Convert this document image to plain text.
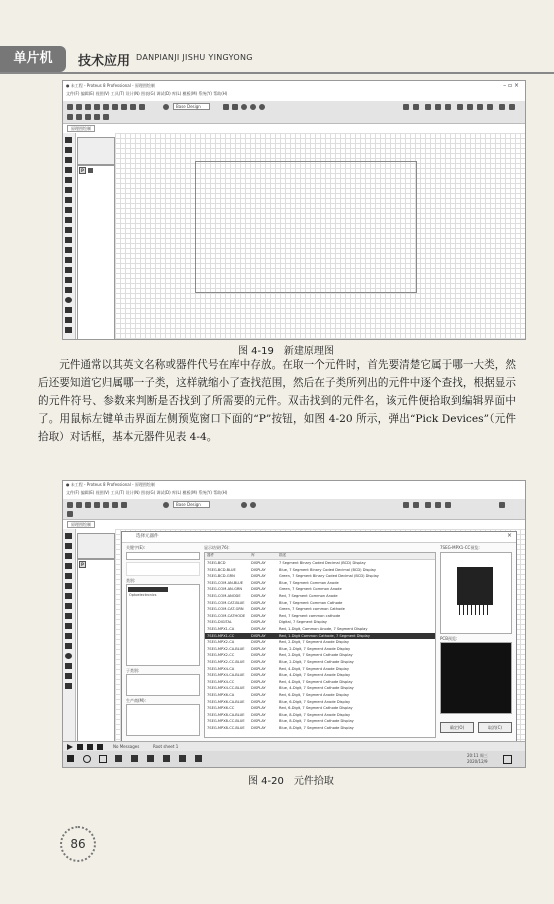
单片机	技术应用 DANPIANJI JISHU YINGYONG
● 未工程 - Proteus 8 Professional - 原理图绘制
文件(F) 编辑(E) 视图(V) 工具(T) 设计(N) 图表(G) 调试(D) 库(L) 模板(M) 系统(Y) 帮助(H)
– ▫ ×
Base Design
原理图绘制
P
图 4-19　新建原理图

元件通常以其英文名称或器件代号在库中存放。在取一个元件时，首先要清楚它属于哪一大类，然后还要知道它归属哪一子类，这样就缩小了查找范围，然后在子类所列出的元件中逐个查找，根据显示的元件符号、参数来判断是否找到了所需要的元件。双击找到的元件名，该元件便拾取到编辑界面中了。用鼠标左键单击界面左侧预览窗口下面的“P”按钮，如图 4-20 所示，弹出“Pick Devices”（元件拾取）对话框，基本元器件见表 4-4。

● 未工程 - Proteus 8 Professional - 原理图绘制
文件(F) 编辑(E) 视图(V) 工具(T) 设计(N) 图表(G) 调试(D) 库(L) 模板(M) 系统(Y) 帮助(H)
Base Design
原理图绘制
P
选择元器件	×
关键字(E):
类别:
Optoelectronics
子类别:
生产商(M):
显示结果(76):
器件	库	描述
7SEG-BCD	DISPLAY	7 Segment Binary Coded Decimal (BCD) Display
7SEG-BCD-BLUE	DISPLAY	Blue, 7 Segment Binary Coded Decimal (BCD) Display
7SEG-BCD-GRN	DISPLAY	Green, 7 Segment Binary Coded Decimal (BCD) Display
7SEG-COM-AN-BLUE DISPLAY	Blue, 7 Segment Common Anode
7SEG-COM-AN-GRN DISPLAY	Green, 7 Segment Common Anode
7SEG-COM-ANODE	DISPLAY	Red, 7 Segment Common Anode
7SEG-COM-CAT-BLUE DISPLAY	Blue, 7 Segment Common Cathode
7SEG-COM-CAT-GRN DISPLAY	Green, 7 Segment common Cathode
7SEG-COM-CATHODE DISPLAY	Red, 7 Segment common cathode
7SEG-DIGITAL	DISPLAY	Digital, 7 Segment Display
7SEG-MPX1-CA	DISPLAY	Red, 1-Digit, Common Anode, 7 Segment Display
7SEG-MPX1-CC	DISPLAY	Red, 1-Digit Common Cathode, 7 Segment Display
7SEG-MPX2-CA	DISPLAY	Red, 2-Digit, 7 Segment Anode Display
7SEG-MPX2-CA-BLUE DISPLAY	Blue, 2-Digit, 7 Segment Anode Display
7SEG-MPX2-CC	DISPLAY	Red, 2-Digit, 7 Segment Cathode Display
7SEG-MPX2-CC-BLUE DISPLAY	Blue, 2-Digit, 7 Segment Cathode Display
7SEG-MPX4-CA	DISPLAY	Red, 4-Digit, 7 Segment Anode Display
7SEG-MPX4-CA-BLUE DISPLAY	Blue, 4-Digit, 7 Segment Anode Display
7SEG-MPX4-CC	DISPLAY	Red, 4-Digit, 7 Segment Cathode Display
7SEG-MPX4-CC-BLUE DISPLAY	Blue, 4-Digit, 7 Segment Cathode Display
7SEG-MPX6-CA	DISPLAY	Red, 6-Digit, 7 Segment Anode Display
7SEG-MPX6-CA-BLUE DISPLAY	Blue, 6-Digit, 7 Segment Anode Display
7SEG-MPX6-CC	DISPLAY	Red, 6-Digit, 7 Segment Cathode Display
7SEG-MPX8-CA-BLUE DISPLAY	Blue, 8-Digit, 7 Segment Anode Display
7SEG-MPX8-CC-BLUE DISPLAY	Blue, 8-Digit, 7 Segment Cathode Display
7SEG-MPX8-CC-BLUE DISPLAY	Blue, 8-Digit, 7 Segment Cathode Display
7SEG-MPX1-CC预览:
PCB预览:
确定(O)	取消(C)
No Messages	Root sheet 1
20:11 周三
2020/12/9
图 4-20　元件拾取
86
